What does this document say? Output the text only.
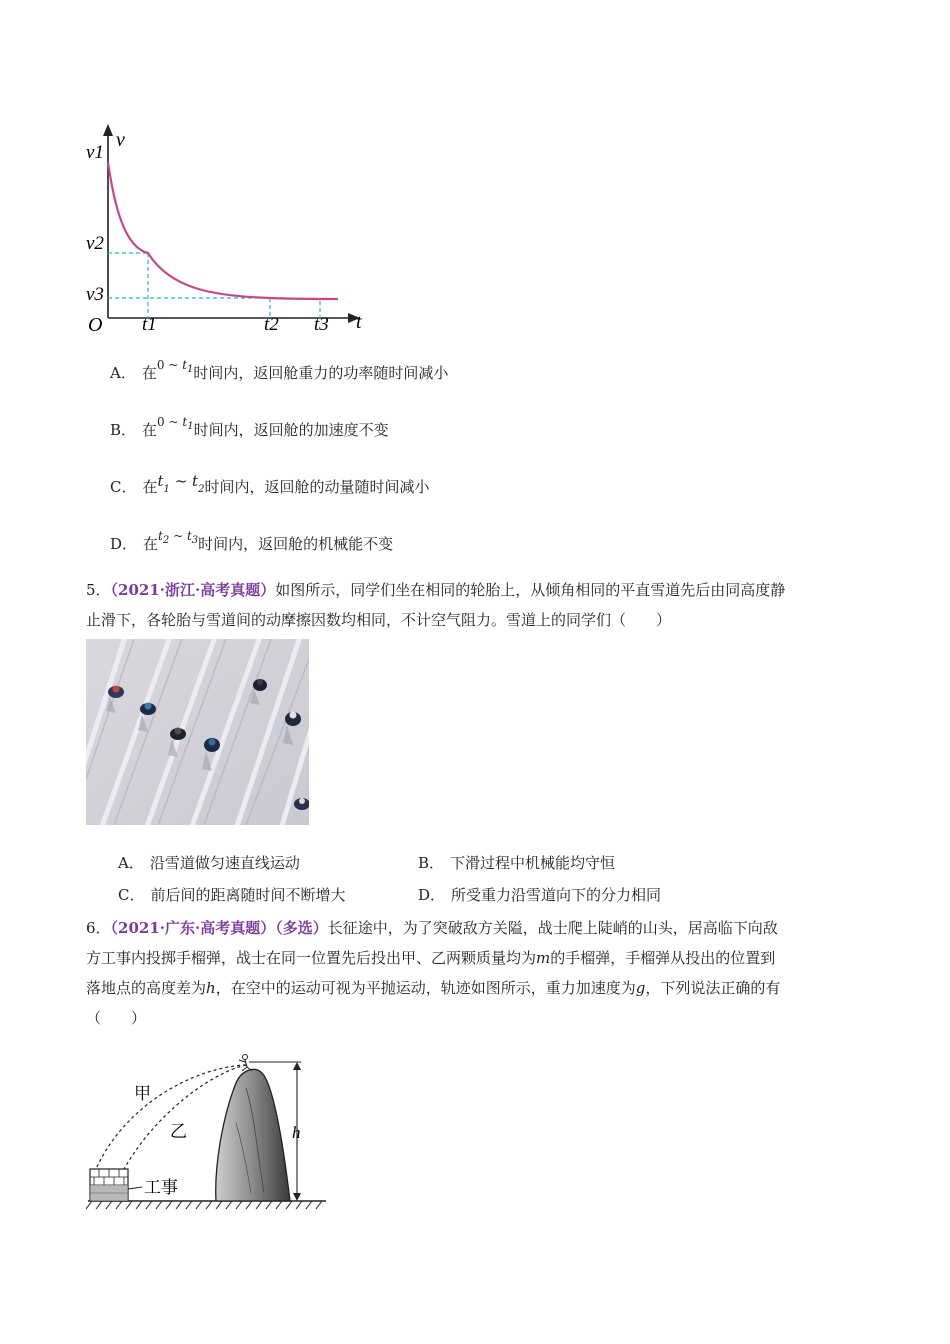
v
v1
v2
v3
O t1	t2 t3 t
A． 在$^{0 \sim t_1}$时间内，返回舱重力的功率随时间减小
B． 在$^{0 \sim t_1}$时间内，返回舱的加速度不变
C． 在$t_1$ ~ $t_2$时间内，返回舱的动量随时间减小
D． 在$^{t_2 \sim t_3}$时间内，返回舱的机械能不变
5．（2021·浙江·高考真题）如图所示，同学们坐在相同的轮胎上，从倾角相同的平直雪道先后由同高度静
止滑下，各轮胎与雪道间的动摩擦因数均相同，不计空气阻力。雪道上的同学们（　　）
A． 沿雪道做匀速直线运动	B． 下滑过程中机械能均守恒
C． 前后间的距离随时间不断增大	D． 所受重力沿雪道向下的分力相同
6．（2021·广东·高考真题）（多选）长征途中，为了突破敌方关隘，战士爬上陡峭的山头，居高临下向敌
方工事内投掷手榴弹，战士在同一位置先后投出甲、乙两颗质量均为m的手榴弹，手榴弹从投出的位置到
落地点的高度差为h，在空中的运动可视为平抛运动，轨迹如图所示，重力加速度为g，下列说法正确的有
（　　）
甲
乙	h
工事
